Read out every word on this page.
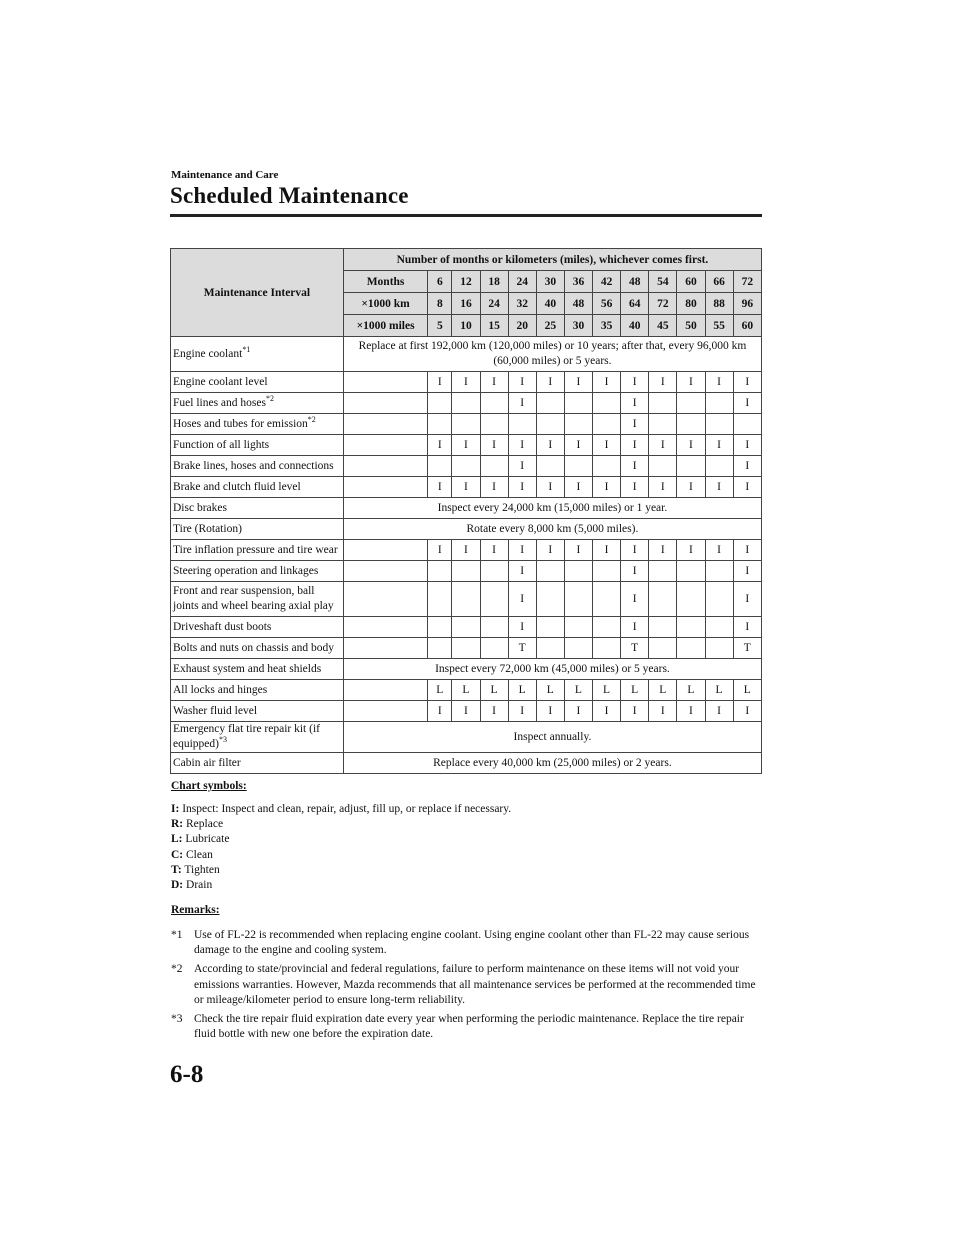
Maintenance and Care
Scheduled Maintenance
Maintenance Interval	Number of months or kilometers (miles), whichever comes first.												
	Months	6	12	18	24	30	36	42	48	54	60	66	72
	×1000 km	8	16	24	32	40	48	56	64	72	80	88	96
	×1000 miles	5	10	15	20	25	30	35	40	45	50	55	60
Engine coolant$^{*1}$	Replace at first 192,000 km (120,000 miles) or 10 years; after that, every 96,000 km (60,000 miles) or 5 years.												
Engine coolant level		I	I	I	I	I	I	I	I	I	I	I	I
Fuel lines and hoses$^{*2}$					I				I				I
Hoses and tubes for emission$^{*2}$									I				
Function of all lights		I	I	I	I	I	I	I	I	I	I	I	I
Brake lines, hoses and connections					I				I				I
Brake and clutch fluid level		I	I	I	I	I	I	I	I	I	I	I	I
Disc brakes	Inspect every 24,000 km (15,000 miles) or 1 year.												
Tire (Rotation)	Rotate every 8,000 km (5,000 miles).												
Tire inflation pressure and tire wear		I	I	I	I	I	I	I	I	I	I	I	I
Steering operation and linkages					I				I				I
Front and rear suspension, ball joints and wheel bearing axial play					I				I				I
Driveshaft dust boots					I				I				I
Bolts and nuts on chassis and body					T				T				T
Exhaust system and heat shields	Inspect every 72,000 km (45,000 miles) or 5 years.												
All locks and hinges		L	L	L	L	L	L	L	L	L	L	L	L
Washer fluid level		I	I	I	I	I	I	I	I	I	I	I	I
Emergency flat tire repair kit (if equipped)$^{*3}$	Inspect annually.												
Cabin air filter	Replace every 40,000 km (25,000 miles) or 2 years.												
Chart symbols:
I: Inspect: Inspect and clean, repair, adjust, fill up, or replace if necessary.
R: Replace
L: Lubricate
C: Clean
T: Tighten
D: Drain
Remarks:
*1 Use of FL-22 is recommended when replacing engine coolant. Using engine coolant other than FL-22 may cause serious damage to the engine and cooling system.
*2 According to state/provincial and federal regulations, failure to perform maintenance on these items will not void your emissions warranties. However, Mazda recommends that all maintenance services be performed at the recommended time or mileage/kilometer period to ensure long-term reliability.
*3 Check the tire repair fluid expiration date every year when performing the periodic maintenance. Replace the tire repair fluid bottle with new one before the expiration date.
6-8
